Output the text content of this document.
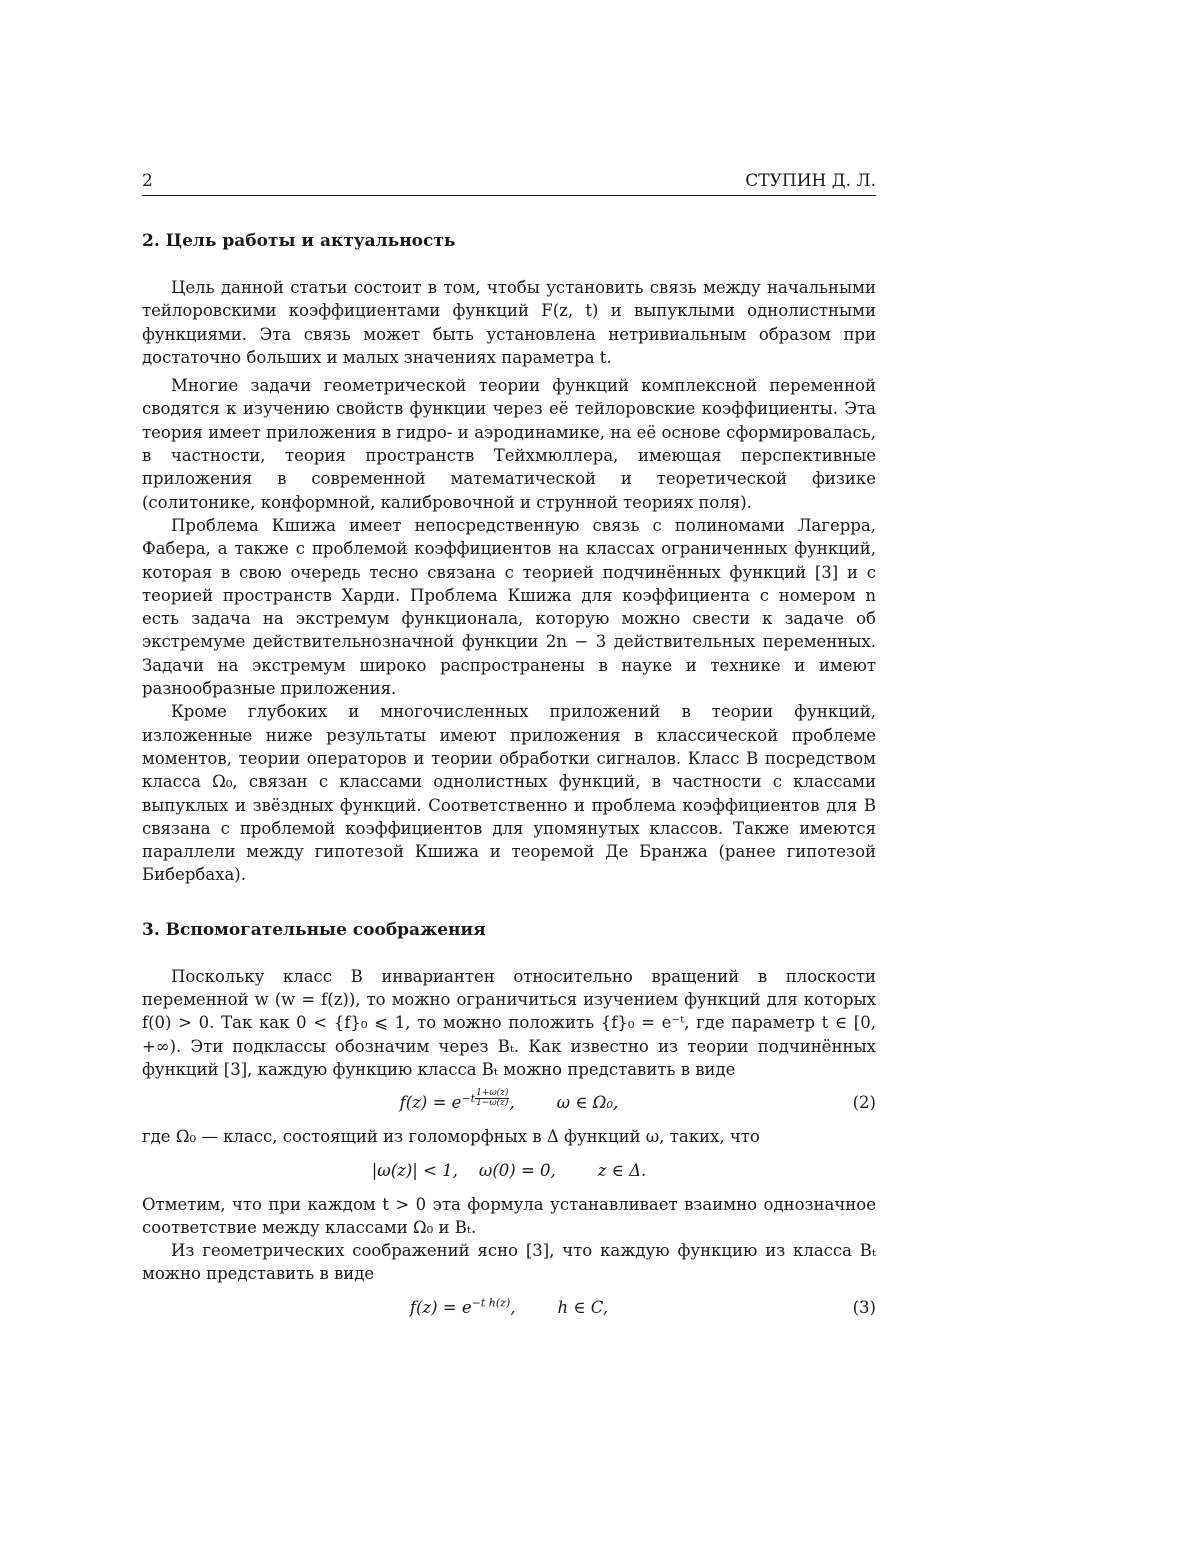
2	СТУПИН Д. Л.
2. Цель работы и актуальность

Цель данной статьи состоит в том, чтобы установить связь между начальными тейлоровскими коэффициентами функций F(z, t) и выпуклыми однолистными функциями. Эта связь может быть установлена нетривиальным образом при достаточно больших и малых значениях параметра t.

Многие задачи геометрической теории функций комплексной переменной сводятся к изучению свойств функции через её тейлоровские коэффициенты. Эта теория имеет приложения в гидро- и аэродинамике, на её основе сформировалась, в частности, теория пространств Тейхмюллера, имеющая перспективные приложения в современной математической и теоретической физике (солитонике, конформной, калибровочной и струнной теориях поля).

Проблема Кшижа имеет непосредственную связь с полиномами Лагерра, Фабера, а также с проблемой коэффициентов на классах ограниченных функций, которая в свою очередь тесно связана с теорией подчинённых функций [3] и с теорией пространств Харди. Проблема Кшижа для коэффициента с номером n есть задача на экстремум функционала, которую можно свести к задаче об экстремуме действительнозначной функции 2n − 3 действительных переменных. Задачи на экстремум широко распространены в науке и технике и имеют разнообразные приложения.

Кроме глубоких и многочисленных приложений в теории функций, изложенные ниже результаты имеют приложения в классической проблеме моментов, теории операторов и теории обработки сигналов. Класс B посредством класса Ω₀, связан с классами однолистных функций, в частности с классами выпуклых и звёздных функций. Соответственно и проблема коэффициентов для B связана с проблемой коэффициентов для упомянутых классов. Также имеются параллели между гипотезой Кшижа и теоремой Де Бранжа (ранее гипотезой Бибербаха).

3. Вспомогательные соображения

Поскольку класс B инвариантен относительно вращений в плоскости переменной w (w = f(z)), то можно ограничиться изучением функций для которых f(0) > 0. Так как 0 < {f}₀ ⩽ 1, то можно положить {f}₀ = e⁻ᵗ, где параметр t ∈ [0, +∞). Эти подклассы обозначим через Bₜ. Как известно из теории подчинённых функций [3], каждую функцию класса Bₜ можно представить в виде

$f(z) = e^{-t \frac{1+\omega(z)}{1-\omega(z)}}$ ,        ω ∈ Ω₀,	(2)

где Ω₀ — класс, состоящий из голоморфных в Δ функций ω, таких, что

|ω(z)| < 1,    ω(0) = 0,        z ∈ Δ.

Отметим, что при каждом t > 0 эта формула устанавливает взаимно однозначное соответствие между классами Ω₀ и Bₜ.

Из геометрических соображений ясно [3], что каждую функцию из класса Bₜ можно представить в виде

$f(z) = e^{-t h(z)}$,        h ∈ C,	(3)
